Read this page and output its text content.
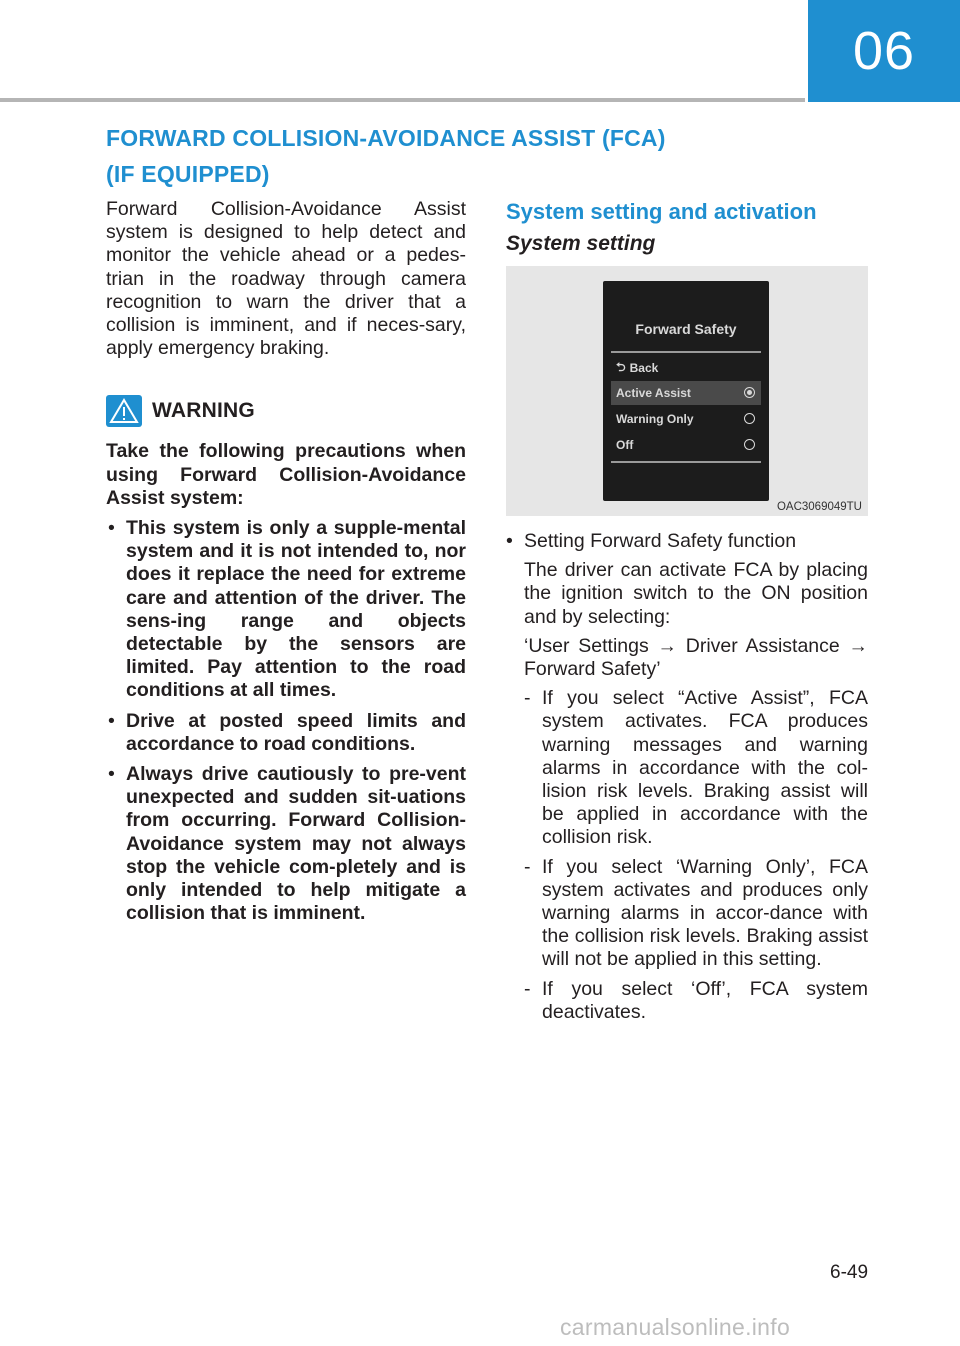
06
FORWARD COLLISION-AVOIDANCE ASSIST (FCA)
(IF EQUIPPED)

Forward Collision-Avoidance Assist system is designed to help detect and monitor the vehicle ahead or a pedes-trian in the roadway through camera recognition to warn the driver that a collision is imminent, and if neces-sary, apply emergency braking.

WARNING
Take the following precautions when using Forward Collision-Avoidance Assist system:
• This system is only a supple-mental system and it is not intended to, nor does it replace the need for extreme care and attention of the driver. The sens-ing range and objects detectable by the sensors are limited. Pay attention to the road conditions at all times.
• Drive at posted speed limits and accordance to road conditions.
• Always drive cautiously to pre-vent unexpected and sudden sit-uations from occurring. Forward Collision-Avoidance system may not always stop the vehicle com-pletely and is only intended to help mitigate a collision that is imminent.

System setting and activation

System setting

Forward Safety
⮌ Back
Active Assist
Warning Only
Off
OAC3069049TU
• Setting Forward Safety function
The driver can activate FCA by placing the ignition switch to the ON position and by selecting:
‘User Settings → Driver Assistance → Forward Safety’
- If you select “Active Assist”, FCA system activates. FCA produces warning messages and warning alarms in accordance with the col-lision risk levels. Braking assist will be applied in accordance with the collision risk.
- If you select ‘Warning Only’, FCA system activates and produces only warning alarms in accor-dance with the collision risk levels. Braking assist will not be applied in this setting.
- If you select ‘Off’, FCA system deactivates.
6-49
carmanualsonline.info
